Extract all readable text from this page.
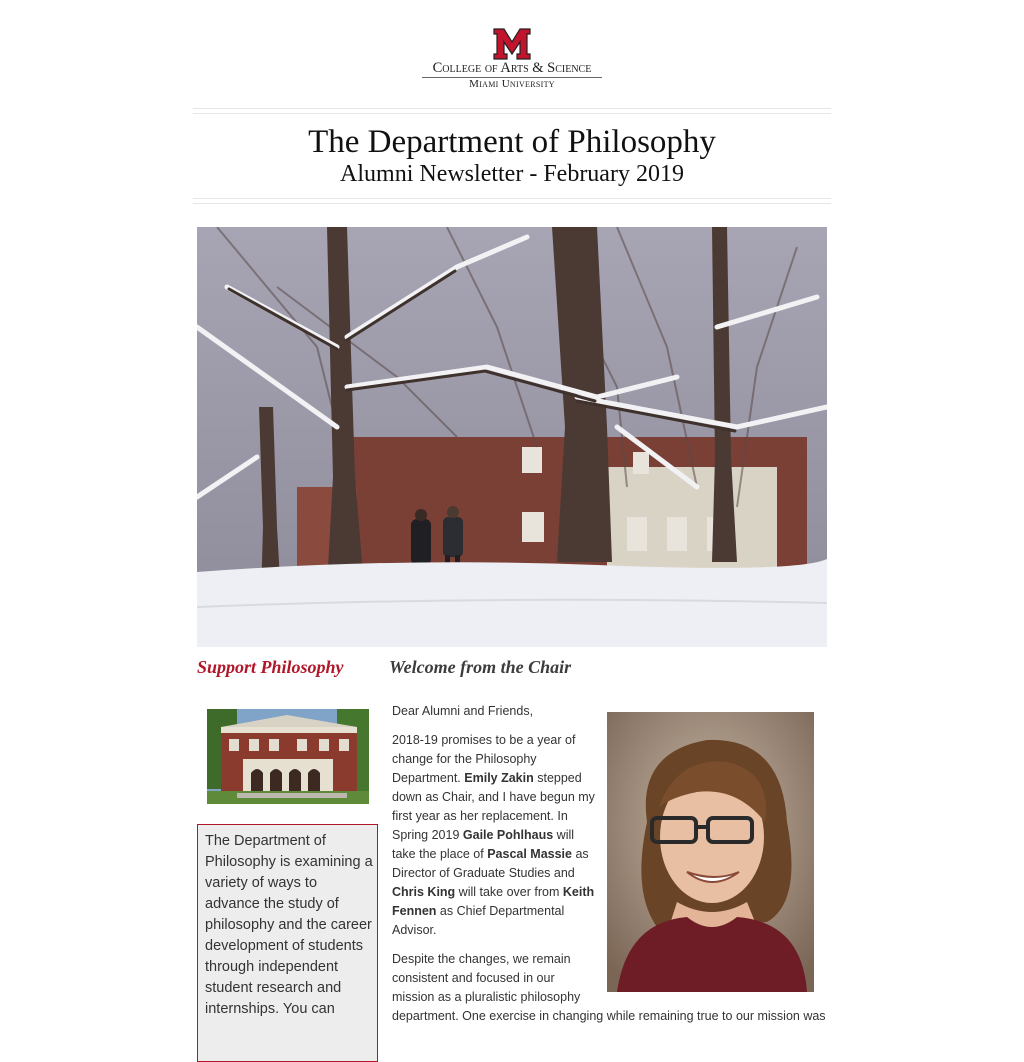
College of Arts & Science
Miami University
The Department of Philosophy
Alumni Newsletter - February 2019
Support Philosophy	Welcome from the Chair
The Department of Philosophy is examining a variety of ways to advance the study of philosophy and the career development of students through independent student research and internships. You can

Dear Alumni and Friends,

2018-19 promises to be a year of change for the Philosophy Department. Emily Zakin stepped down as Chair, and I have begun my first year as her replacement. In Spring 2019 Gaile Pohlhaus will take the place of Pascal Massie as Director of Graduate Studies and Chris King will take over from Keith Fennen as Chief Departmental Advisor.

Despite the changes, we remain consistent and focused in our mission as a pluralistic philosophy

department. One exercise in changing while remaining true to our mission was
